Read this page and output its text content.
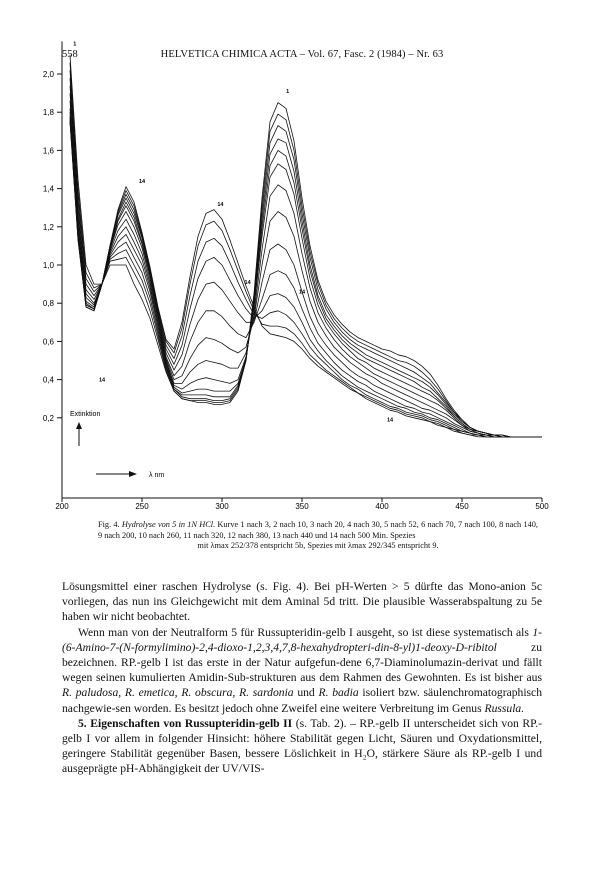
558	HELVETICA CHIMICA ACTA – Vol. 67, Fasc. 2 (1984) – Nr. 63
0,2
0,4
0,6
0,8
1,0
1,2
1,4
1,6
1,8
2,0
200	250	300	350	400	450	500
1
1
14
14
14
14
14
14
Extinktion
λ nm
Fig. 4. Hydrolyse von 5 in 1N HCl. Kurve 1 nach 3, 2 nach 10, 3 nach 20, 4 nach 30, 5 nach 52, 6 nach 70, 7 nach 100, 8 nach 140, 9 nach 200, 10 nach 260, 11 nach 320, 12 nach 380, 13 nach 440 und 14 nach 500 Min. Spezies
mit λmax 252/378 entspricht 5b, Spezies mit λmax 292/345 entspricht 9.

Lösungsmittel einer raschen Hydrolyse (s. Fig. 4). Bei pH-Werten > 5 dürfte das Mono-anion 5c vorliegen, das nun ins Gleichgewicht mit dem Aminal 5d tritt. Die plausible Wasserabspaltung zu 5e haben wir nicht beobachtet.

Wenn man von der Neutralform 5 für Russupteridin-gelb I ausgeht, so ist diese systematisch als 1-(6-Amino-7-(N-formylimino)-2,4-dioxo-1,2,3,4,7,8-hexahydropteri-din-8-yl)1-deoxy-D-ribitol zu bezeichnen. RP.-gelb I ist das erste in der Natur aufgefun-dene 6,7-Diaminolumazin-derivat und fällt wegen seinen kumulierten Amidin-Sub-strukturen aus dem Rahmen des Gewohnten. Es ist bisher aus R. paludosa, R. emetica, R. obscura, R. sardonia und R. badia isoliert bzw. säulenchromatographisch nachgewie-sen worden. Es besitzt jedoch ohne Zweifel eine weitere Verbreitung im Genus Russula.

5. Eigenschaften von Russupteridin-gelb II (s. Tab. 2). – RP.-gelb II unterscheidet sich von RP.-gelb I vor allem in folgender Hinsicht: höhere Stabilität gegen Licht, Säuren und Oxydationsmittel, geringere Stabilität gegenüber Basen, bessere Löslichkeit in H₂O, stärkere Säure als RP.-gelb I und ausgeprägte pH-Abhängigkeit der UV/VIS-
